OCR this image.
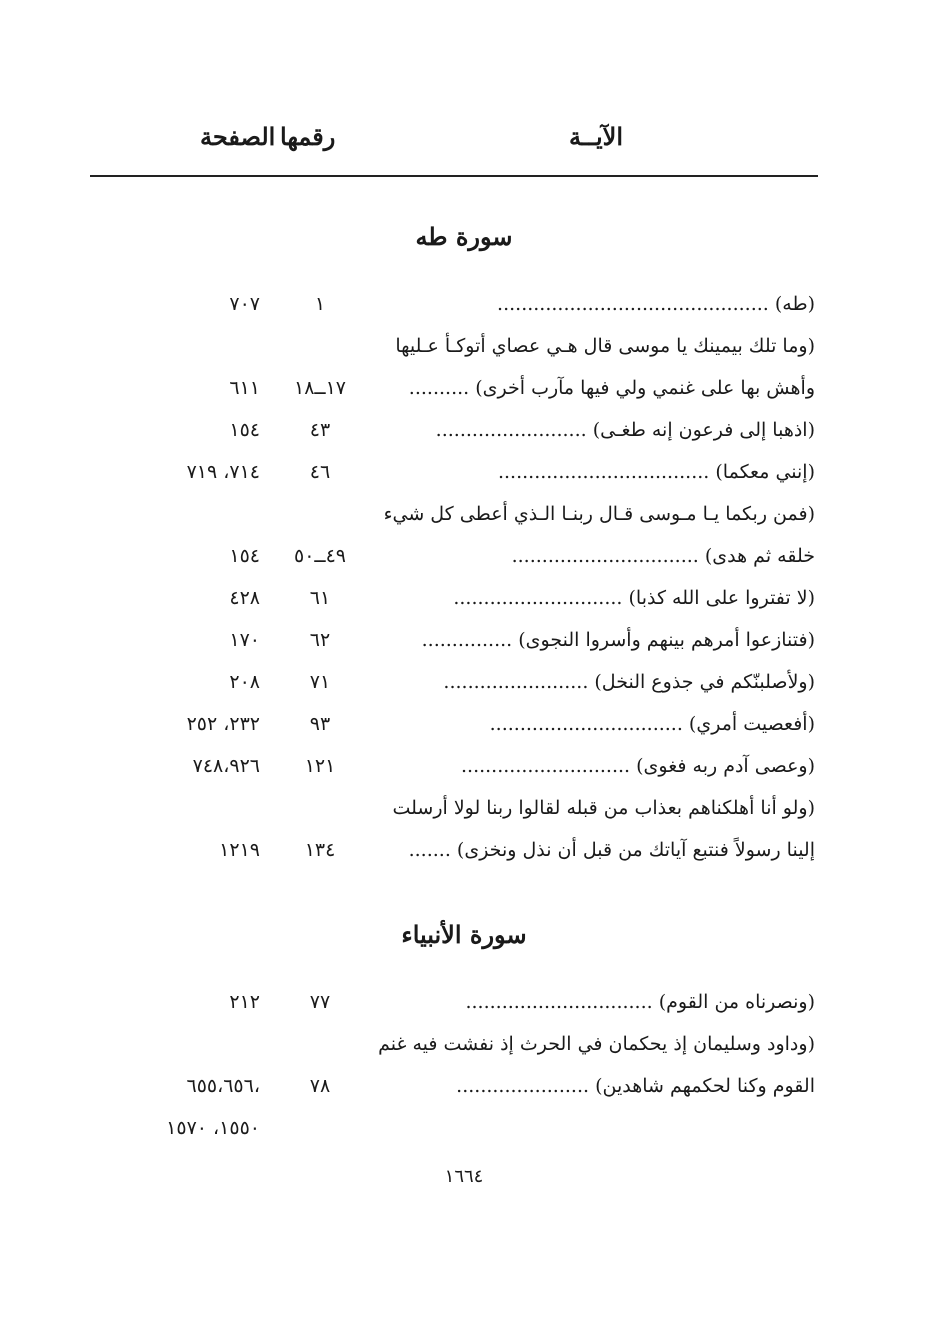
الآيــة
رقمها
الصفحة
سورة طه
(طه) .............................................
١
٧٠٧
(وما تلك بيمينك يا موسى قال هـي عصاي أتوكـأ عـليها
وأهش بها على غنمي ولي فيها مآرب أخرى) ..........
١٧ــ١٨
٦١١
(اذهبا إلى فرعون إنه طغـى) .........................
٤٣
١٥٤
(إنني معكما) ...................................
٤٦
٧١٤، ٧١٩
(فمن ربكما يـا مـوسى قـال ربنـا الـذي أعطى كل شيء
خلقه ثم هدى) ...............................
٤٩ــ٥٠
١٥٤
(لا تفتروا على الله كذبا) ............................
٦١
٤٢٨
(فتنازعوا أمرهم بينهم وأسروا النجوى) ...............
٦٢
١٧٠
(ولأصلبنّكم في جذوع النخل) ........................
٧١
٢٠٨
(أفعصيت أمري) ................................
٩٣
٢٣٢، ٢٥٢
(وعصى آدم ربه فغوى) ............................
١٢١
٧٤٨،٩٢٦
(ولو أنا أهلكناهم بعذاب من قبله لقالوا ربنا لولا أرسلت
إلينا رسولاً فنتبع آياتك من قبل أن نذل ونخزى) .......
١٣٤
١٢١٩
سورة الأنبياء
(ونصرناه من القوم) ...............................
٧٧
٢١٢
(وداود وسليمان إذ يحكمان في الحرث إذ نفشت فيه غنم
القوم وكنا لحكمهم شاهدين) ......................
٧٨
٦٥٥،٦٥٦،
١٥٥٠، ١٥٧٠
١٦٦٤
